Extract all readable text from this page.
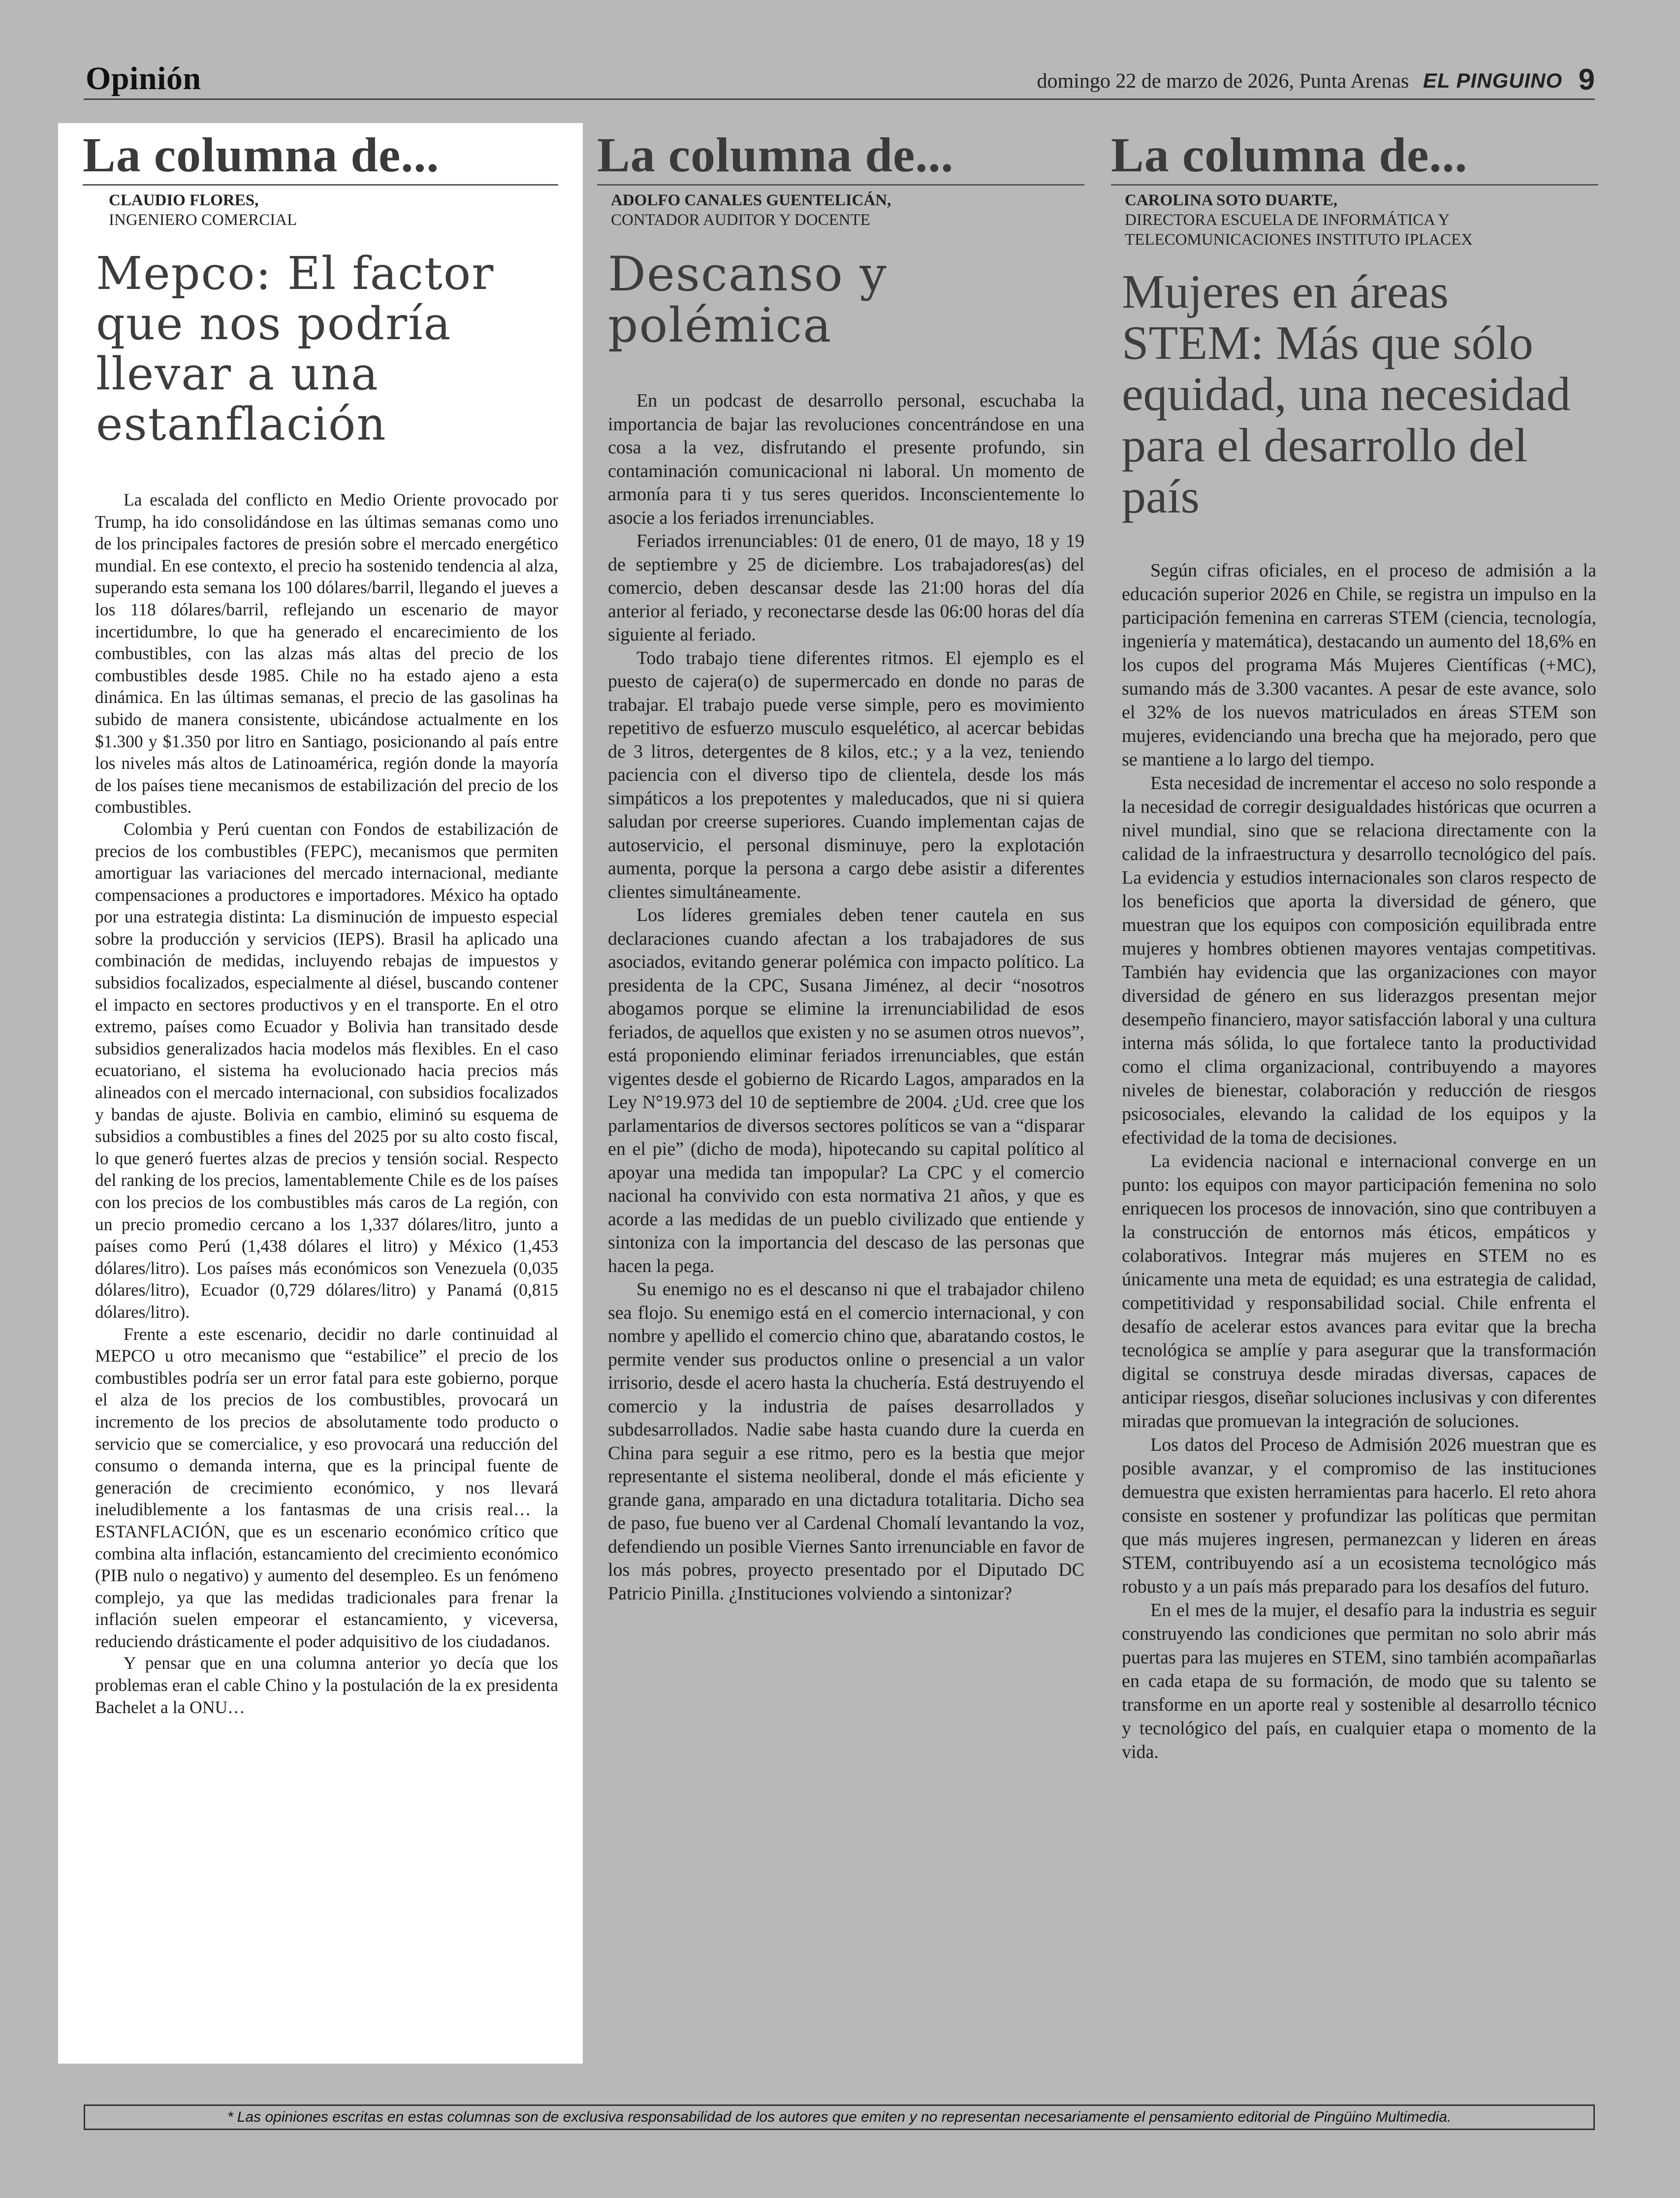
Opinión	domingo 22 de marzo de 2026, Punta Arenas EL PINGUINO 9
La columna de...
CLAUDIO FLORES,
INGENIERO COMERCIAL
Mepco: El factor que nos podría llevar a una estanflación

La escalada del conflicto en Medio Oriente provocado por Trump, ha ido consolidándose en las últimas semanas como uno de los principales factores de presión sobre el mercado energético mundial. En ese contexto, el precio ha sostenido tendencia al alza, superando esta semana los 100 dólares/barril, llegando el jueves a los 118 dólares/barril, reflejando un escenario de mayor incertidumbre, lo que ha generado el encarecimiento de los combustibles, con las alzas más altas del precio de los combustibles desde 1985. Chile no ha estado ajeno a esta dinámica. En las últimas semanas, el precio de las gasolinas ha subido de manera consistente, ubicándose actualmente en los $1.300 y $1.350 por litro en Santiago, posicionando al país entre los niveles más altos de Latinoamérica, región donde la mayoría de los países tiene mecanismos de estabilización del precio de los combustibles.

Colombia y Perú cuentan con Fondos de estabilización de precios de los combustibles (FEPC), mecanismos que permiten amortiguar las variaciones del mercado internacional, mediante compensaciones a productores e importadores. México ha optado por una estrategia distinta: La disminución de impuesto especial sobre la producción y servicios (IEPS). Brasil ha aplicado una combinación de medidas, incluyendo rebajas de impuestos y subsidios focalizados, especialmente al diésel, buscando contener el impacto en sectores productivos y en el transporte. En el otro extremo, países como Ecuador y Bolivia han transitado desde subsidios generalizados hacia modelos más flexibles. En el caso ecuatoriano, el sistema ha evolucionado hacia precios más alineados con el mercado internacional, con subsidios focalizados y bandas de ajuste. Bolivia en cambio, eliminó su esquema de subsidios a combustibles a fines del 2025 por su alto costo fiscal, lo que generó fuertes alzas de precios y tensión social. Respecto del ranking de los precios, lamentablemente Chile es de los países con los precios de los combustibles más caros de La región, con un precio promedio cercano a los 1,337 dólares/litro, junto a países como Perú (1,438 dólares el litro) y México (1,453 dólares/litro). Los países más económicos son Venezuela (0,035 dólares/litro), Ecuador (0,729 dólares/litro) y Panamá (0,815 dólares/litro).

Frente a este escenario, decidir no darle continuidad al MEPCO u otro mecanismo que “estabilice” el precio de los combustibles podría ser un error fatal para este gobierno, porque el alza de los precios de los combustibles, provocará un incremento de los precios de absolutamente todo producto o servicio que se comercialice, y eso provocará una reducción del consumo o demanda interna, que es la principal fuente de generación de crecimiento económico, y nos llevará ineludiblemente a los fantasmas de una crisis real… la ESTANFLACIÓN, que es un escenario económico crítico que combina alta inflación, estancamiento del crecimiento económico (PIB nulo o negativo) y aumento del desempleo. Es un fenómeno complejo, ya que las medidas tradicionales para frenar la inflación suelen empeorar el estancamiento, y viceversa, reduciendo drásticamente el poder adquisitivo de los ciudadanos.

Y pensar que en una columna anterior yo decía que los problemas eran el cable Chino y la postulación de la ex presidenta Bachelet a la ONU…

La columna de...
ADOLFO CANALES GUENTELICÁN,
CONTADOR AUDITOR Y DOCENTE
Descanso y polémica

En un podcast de desarrollo personal, escuchaba la importancia de bajar las revoluciones concentrándose en una cosa a la vez, disfrutando el presente profundo, sin contaminación comunicacional ni laboral. Un momento de armonía para ti y tus seres queridos. Inconscientemente lo asocie a los feriados irrenunciables.

Feriados irrenunciables: 01 de enero, 01 de mayo, 18 y 19 de septiembre y 25 de diciembre. Los trabajadores(as) del comercio, deben descansar desde las 21:00 horas del día anterior al feriado, y reconectarse desde las 06:00 horas del día siguiente al feriado.

Todo trabajo tiene diferentes ritmos. El ejemplo es el puesto de cajera(o) de supermercado en donde no paras de trabajar. El trabajo puede verse simple, pero es movimiento repetitivo de esfuerzo musculo esquelético, al acercar bebidas de 3 litros, detergentes de 8 kilos, etc.; y a la vez, teniendo paciencia con el diverso tipo de clientela, desde los más simpáticos a los prepotentes y maleducados, que ni si quiera saludan por creerse superiores. Cuando implementan cajas de autoservicio, el personal disminuye, pero la explotación aumenta, porque la persona a cargo debe asistir a diferentes clientes simultáneamente.

Los líderes gremiales deben tener cautela en sus declaraciones cuando afectan a los trabajadores de sus asociados, evitando generar polémica con impacto político. La presidenta de la CPC, Susana Jiménez, al decir “nosotros abogamos porque se elimine la irrenunciabilidad de esos feriados, de aquellos que existen y no se asumen otros nuevos”, está proponiendo eliminar feriados irrenunciables, que están vigentes desde el gobierno de Ricardo Lagos, amparados en la Ley N°19.973 del 10 de septiembre de 2004. ¿Ud. cree que los parlamentarios de diversos sectores políticos se van a “disparar en el pie” (dicho de moda), hipotecando su capital político al apoyar una medida tan impopular? La CPC y el comercio nacional ha convivido con esta normativa 21 años, y que es acorde a las medidas de un pueblo civilizado que entiende y sintoniza con la importancia del descaso de las personas que hacen la pega.

Su enemigo no es el descanso ni que el trabajador chileno sea flojo. Su enemigo está en el comercio internacional, y con nombre y apellido el comercio chino que, abaratando costos, le permite vender sus productos online o presencial a un valor irrisorio, desde el acero hasta la chuchería. Está destruyendo el comercio y la industria de países desarrollados y subdesarrollados. Nadie sabe hasta cuando dure la cuerda en China para seguir a ese ritmo, pero es la bestia que mejor representante el sistema neoliberal, donde el más eficiente y grande gana, amparado en una dictadura totalitaria. Dicho sea de paso, fue bueno ver al Cardenal Chomalí levantando la voz, defendiendo un posible Viernes Santo irrenunciable en favor de los más pobres, proyecto presentado por el Diputado DC Patricio Pinilla. ¿Instituciones volviendo a sintonizar?

La columna de...
CAROLINA SOTO DUARTE,
DIRECTORA ESCUELA DE INFORMÁTICA Y TELECOMUNICACIONES INSTITUTO IPLACEX
Mujeres en áreas STEM: Más que sólo equidad, una necesidad para el desarrollo del país

Según cifras oficiales, en el proceso de admisión a la educación superior 2026 en Chile, se registra un impulso en la participación femenina en carreras STEM (ciencia, tecnología, ingeniería y matemática), destacando un aumento del 18,6% en los cupos del programa Más Mujeres Científicas (+MC), sumando más de 3.300 vacantes. A pesar de este avance, solo el 32% de los nuevos matriculados en áreas STEM son mujeres, evidenciando una brecha que ha mejorado, pero que se mantiene a lo largo del tiempo.

Esta necesidad de incrementar el acceso no solo responde a la necesidad de corregir desigualdades históricas que ocurren a nivel mundial, sino que se relaciona directamente con la calidad de la infraestructura y desarrollo tecnológico del país. La evidencia y estudios internacionales son claros respecto de los beneficios que aporta la diversidad de género, que muestran que los equipos con composición equilibrada entre mujeres y hombres obtienen mayores ventajas competitivas. También hay evidencia que las organizaciones con mayor diversidad de género en sus liderazgos presentan mejor desempeño financiero, mayor satisfacción laboral y una cultura interna más sólida, lo que fortalece tanto la productividad como el clima organizacional, contribuyendo a mayores niveles de bienestar, colaboración y reducción de riesgos psicosociales, elevando la calidad de los equipos y la efectividad de la toma de decisiones.

La evidencia nacional e internacional converge en un punto: los equipos con mayor participación femenina no solo enriquecen los procesos de innovación, sino que contribuyen a la construcción de entornos más éticos, empáticos y colaborativos. Integrar más mujeres en STEM no es únicamente una meta de equidad; es una estrategia de calidad, competitividad y responsabilidad social. Chile enfrenta el desafío de acelerar estos avances para evitar que la brecha tecnológica se amplíe y para asegurar que la transformación digital se construya desde miradas diversas, capaces de anticipar riesgos, diseñar soluciones inclusivas y con diferentes miradas que promuevan la integración de soluciones.

Los datos del Proceso de Admisión 2026 muestran que es posible avanzar, y el compromiso de las instituciones demuestra que existen herramientas para hacerlo. El reto ahora consiste en sostener y profundizar las políticas que permitan que más mujeres ingresen, permanezcan y lideren en áreas STEM, contribuyendo así a un ecosistema tecnológico más robusto y a un país más preparado para los desafíos del futuro.

En el mes de la mujer, el desafío para la industria es seguir construyendo las condiciones que permitan no solo abrir más puertas para las mujeres en STEM, sino también acompañarlas en cada etapa de su formación, de modo que su talento se transforme en un aporte real y sostenible al desarrollo técnico y tecnológico del país, en cualquier etapa o momento de la vida.

* Las opiniones escritas en estas columnas son de exclusiva responsabilidad de los autores que emiten y no representan necesariamente el pensamiento editorial de Pingüino Multimedia.
